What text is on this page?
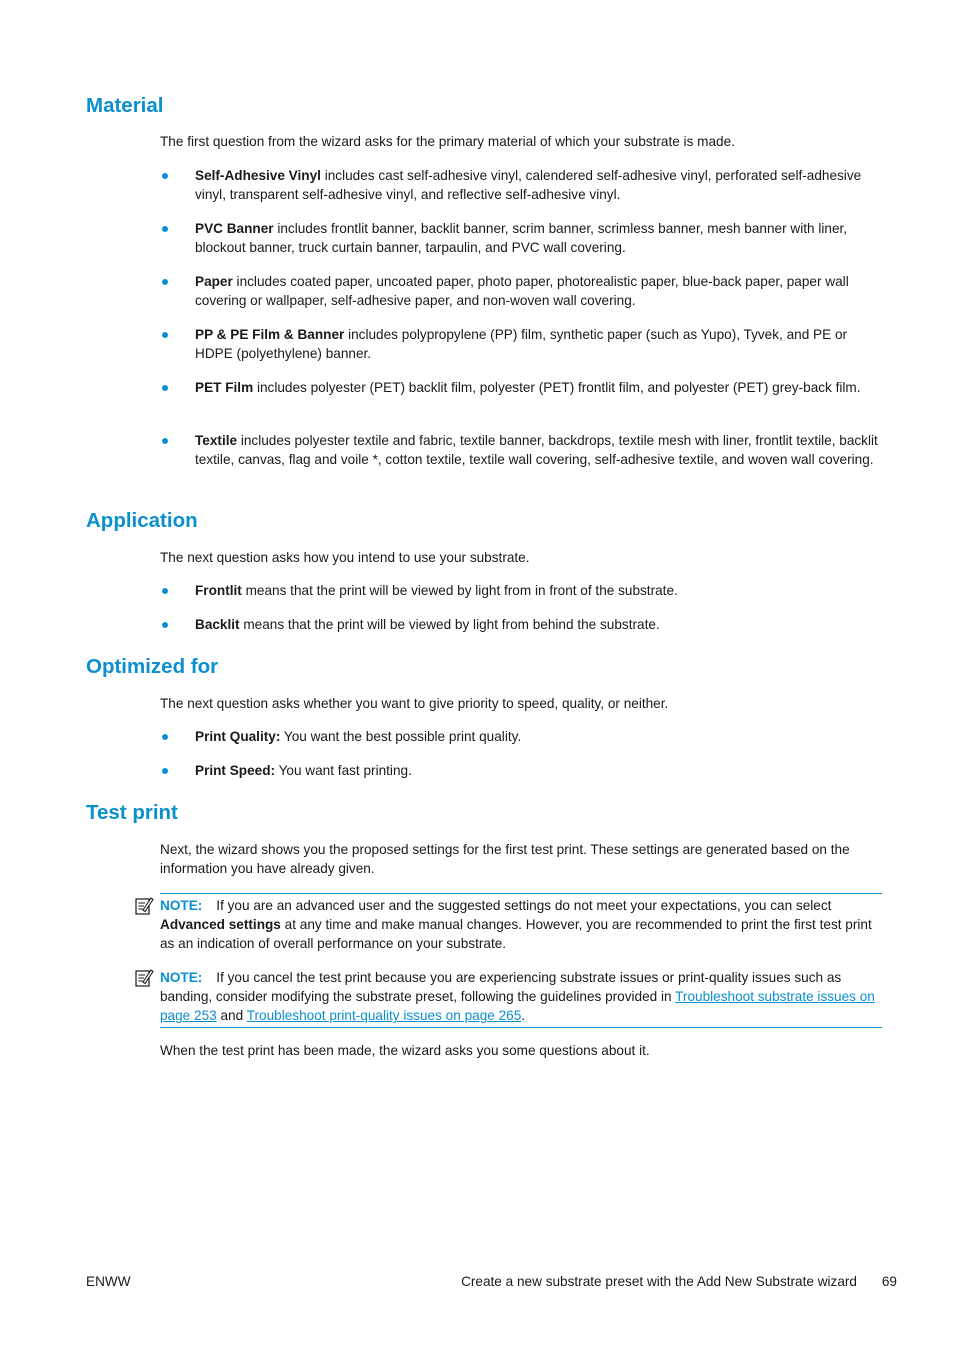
Material

The first question from the wizard asks for the primary material of which your substrate is made.

Self-Adhesive Vinyl includes cast self-adhesive vinyl, calendered self-adhesive vinyl, perforated self-adhesive vinyl, transparent self-adhesive vinyl, and reflective self-adhesive vinyl.
PVC Banner includes frontlit banner, backlit banner, scrim banner, scrimless banner, mesh banner with liner, blockout banner, truck curtain banner, tarpaulin, and PVC wall covering.
Paper includes coated paper, uncoated paper, photo paper, photorealistic paper, blue-back paper, paper wall covering or wallpaper, self-adhesive paper, and non-woven wall covering.
PP & PE Film & Banner includes polypropylene (PP) film, synthetic paper (such as Yupo), Tyvek, and PE or HDPE (polyethylene) banner.
PET Film includes polyester (PET) backlit film, polyester (PET) frontlit film, and polyester (PET) grey-back film.
Textile includes polyester textile and fabric, textile banner, backdrops, textile mesh with liner, frontlit textile, backlit textile, canvas, flag and voile *, cotton textile, textile wall covering, self-adhesive textile, and woven wall covering.
Application

The next question asks how you intend to use your substrate.

Frontlit means that the print will be viewed by light from in front of the substrate.
Backlit means that the print will be viewed by light from behind the substrate.
Optimized for

The next question asks whether you want to give priority to speed, quality, or neither.

Print Quality: You want the best possible print quality.
Print Speed: You want fast printing.
Test print

Next, the wizard shows you the proposed settings for the first test print. These settings are generated based on the information you have already given.

NOTE: If you are an advanced user and the suggested settings do not meet your expectations, you can select Advanced settings at any time and make manual changes. However, you are recommended to print the first test print as an indication of overall performance on your substrate.
NOTE: If you cancel the test print because you are experiencing substrate issues or print-quality issues such as banding, consider modifying the substrate preset, following the guidelines provided in Troubleshoot substrate issues on page 253 and Troubleshoot print-quality issues on page 265.

When the test print has been made, the wizard asks you some questions about it.

ENWW	Create a new substrate preset with the Add New Substrate wizard 69
